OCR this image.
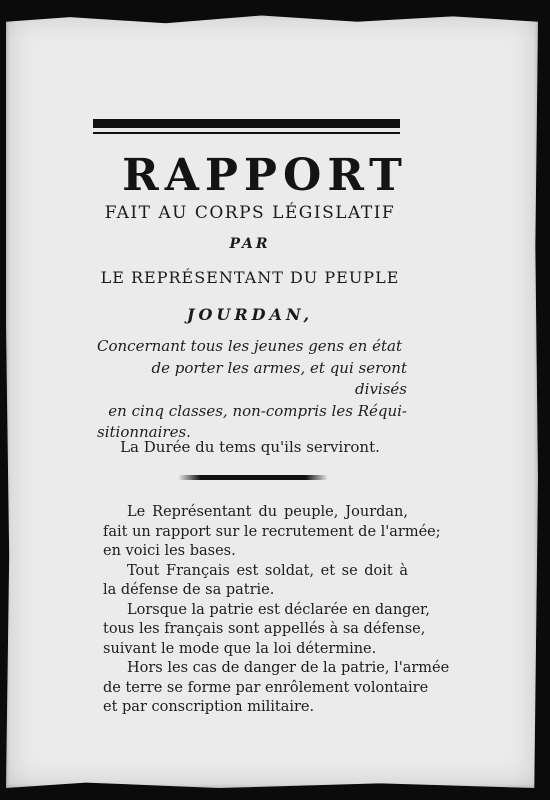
RAPPORT
FAIT AU CORPS LÉGISLATIF
PAR
LE REPRÉSENTANT DU PEUPLE
JOURDAN,
Concernant tous les jeunes gens en état
de porter les armes, et qui seront divisés
en cinq classes, non-compris les Réqui-
sitionnaires.
La Durée du tems qu'ils serviront.
Le Représentant du peuple, Jourdan,
fait un rapport sur le recrutement de l'armée;
en voici les bases.
Tout Français est soldat, et se doit à
la défense de sa patrie.
Lorsque la patrie est déclarée en danger,
tous les français sont appellés à sa défense,
suivant le mode que la loi détermine.
Hors les cas de danger de la patrie, l'armée
de terre se forme par enrôlement volontaire
et par conscription militaire.
